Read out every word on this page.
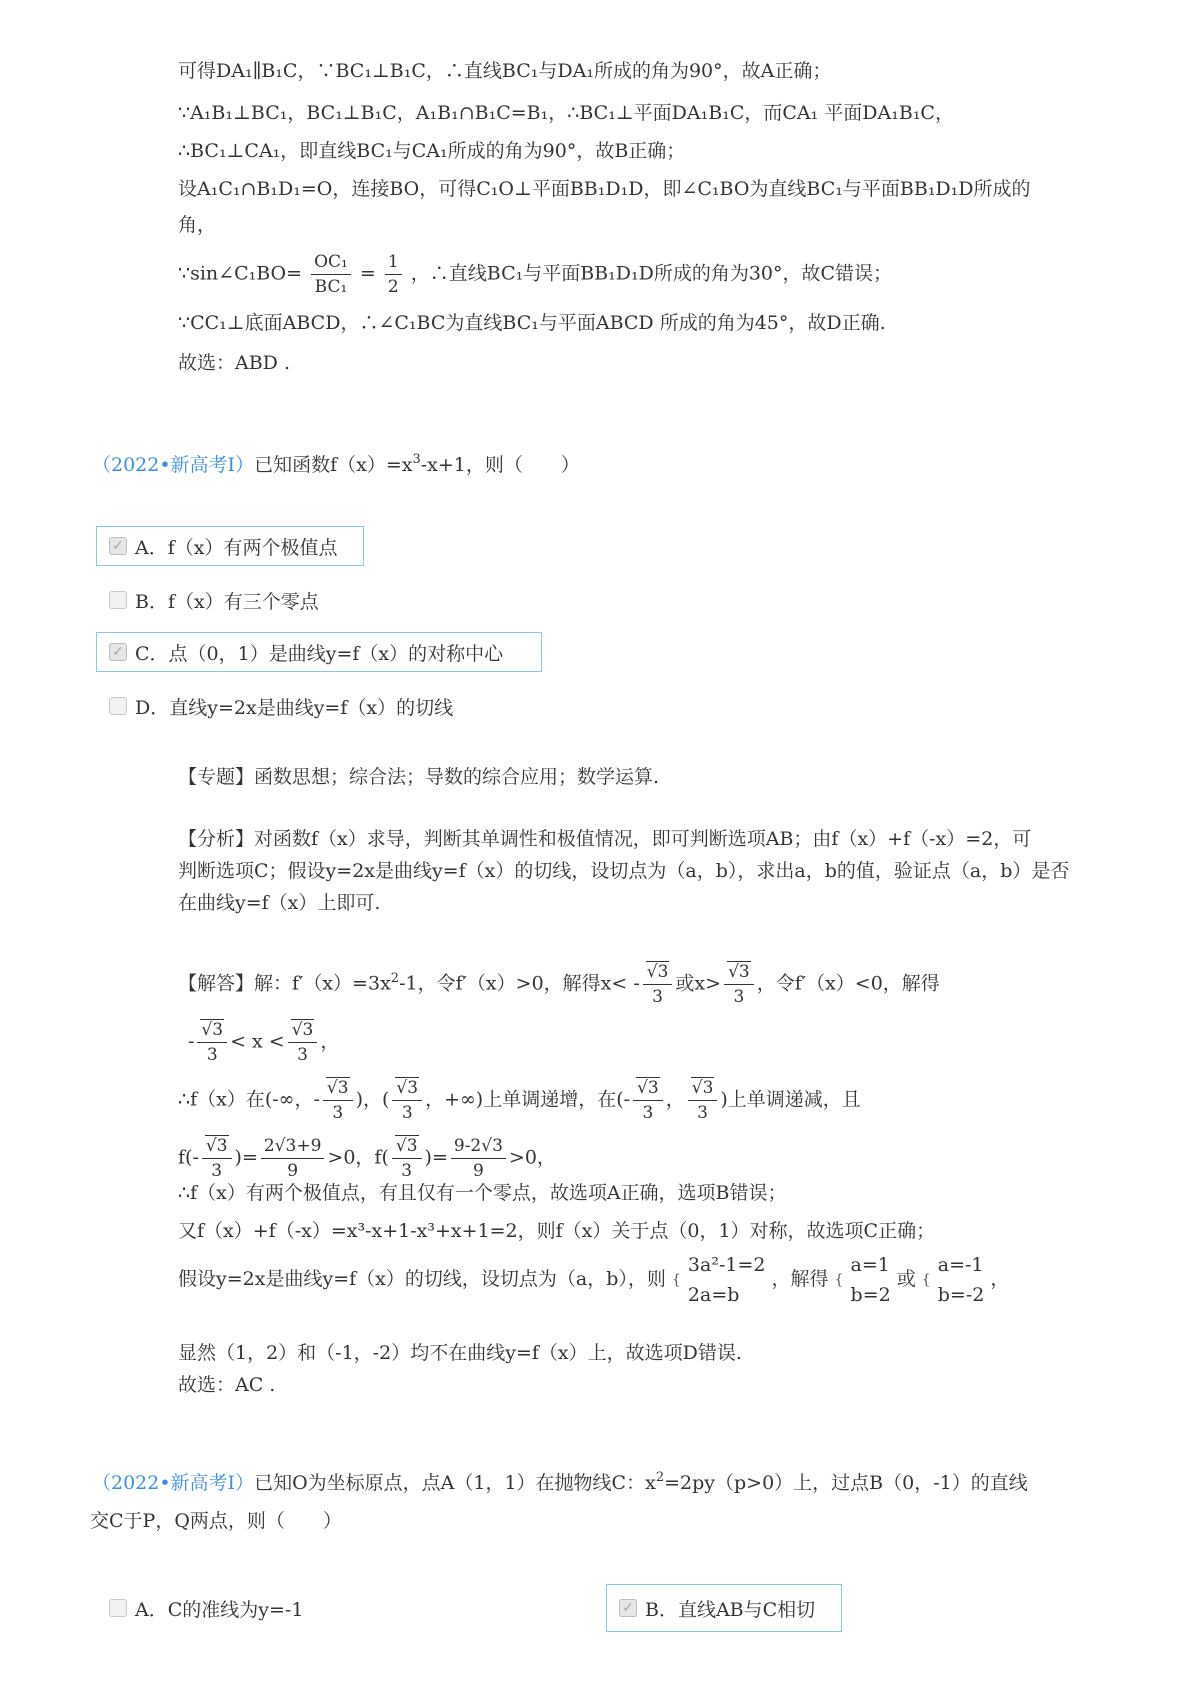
可得DA₁∥B₁C，∵BC₁⊥B₁C，∴直线BC₁与DA₁所成的角为90°，故A正确；
∵A₁B₁⊥BC₁，BC₁⊥B₁C，A₁B₁∩B₁C=B₁，∴BC₁⊥平面DA₁B₁C，而CA₁ 平面DA₁B₁C，
∴BC₁⊥CA₁，即直线BC₁与CA₁所成的角为90°，故B正确；
设A₁C₁∩B₁D₁=O，连接BO，可得C₁O⊥平面BB₁D₁D，即∠C₁BO为直线BC₁与平面BB₁D₁D所成的
角，
∵sin∠C₁BO= $\frac{\text{OC₁}}{\text{BC₁}} = \frac{1}{2}$ ，∴直线BC₁与平面BB₁D₁D所成的角为30°，故C错误；
∵CC₁⊥底面ABCD，∴∠C₁BC为直线BC₁与平面ABCD 所成的角为45°，故D正确.
故选：ABD .
（2022•新高考Ⅰ）已知函数$f(x)=x^3-x+1$，则（　　）
✓ A．f（x）有两个极值点
B．f（x）有三个零点
✓ C．点（0，1）是曲线y=f（x）的对称中心
D．直线y=2x是曲线y=f（x）的切线
【专题】函数思想；综合法；导数的综合应用；数学运算.
【分析】对函数f（x）求导，判断其单调性和极值情况，即可判断选项AB；由f（x）+f（-x）=2，可
判断选项C；假设y=2x是曲线y=f（x）的切线，设切点为（a，b），求出a，b的值，验证点（a，b）是否
在曲线y=f（x）上即可.
【解答】解：$f'(x)=3x^2-1$，令f′（x）>0，解得$x< - \frac{√3}{3}$ 或$x> \frac{√3}{3}$ ，令f′（x）<0，解得
- $\frac{√3}{3} < x < \frac{√3}{3}$ ，
∴f（x）在(-∞，- $\frac{√3}{3}$ )，( $\frac{√3}{3}$ ，+∞)上单调递增，在(- $\frac{√3}{3}$ ， $\frac{√3}{3}$ )上单调递减，且
$f(- \frac{√3}{3}$ )= $\frac{2√3+9}{9} >0$，$f( \frac{√3}{3}$ )= $\frac{9-2√3}{9} >0$，
∴f（x）有两个极值点，有且仅有一个零点，故选项A正确，选项B错误；
又f（x）+f（-x）=x³-x+1-x³+x+1=2，则f（x）关于点（0，1）对称，故选项C正确；
假设y=2x是曲线y=f（x）的切线，设切点为（a，b），则 {
3a²-1=2
2a=b
，解得 {
a=1
b=2
或 {
a=-1
b=-2
，
显然（1，2）和（-1，-2）均不在曲线y=f（x）上，故选项D错误.
故选：AC .
（2022•新高考Ⅰ）已知O为坐标原点，点A（1，1）在抛物线C：$x^2=2py(p>0)$上，过点B（0，-1）的直线
交C于P，Q两点，则（　　）
A．C的准线为y=-1	✓ B．直线AB与C相切
